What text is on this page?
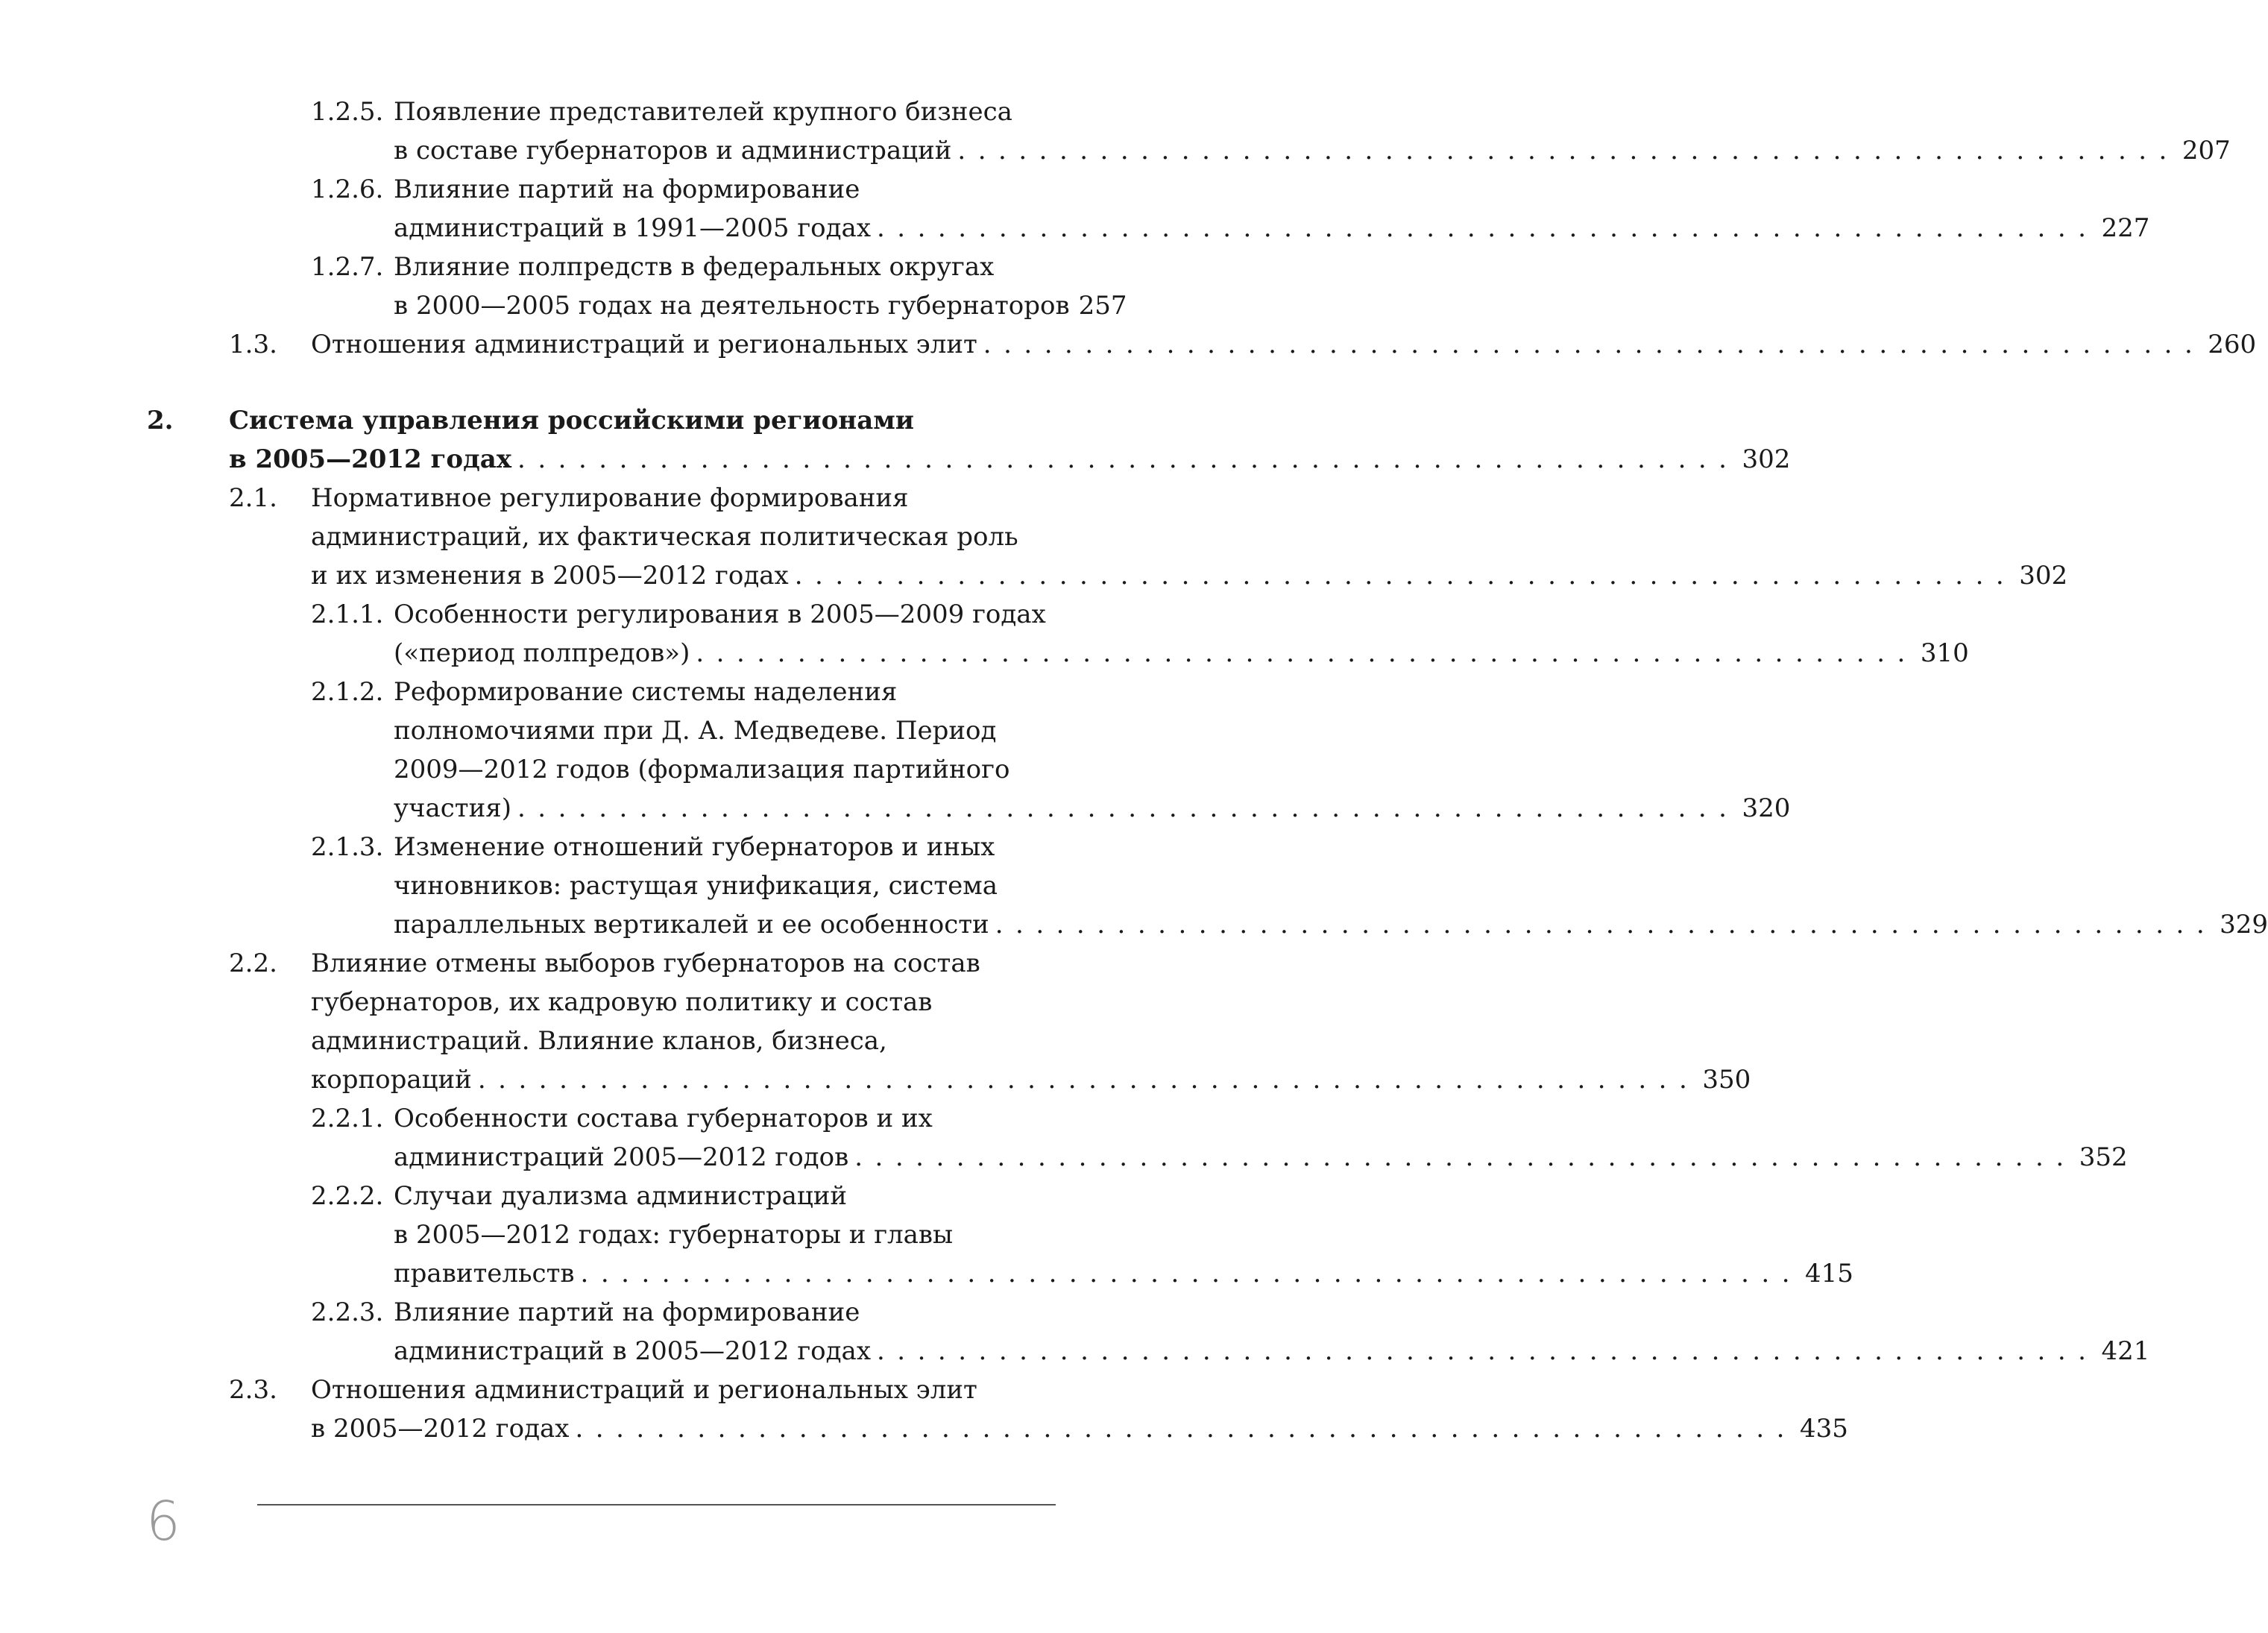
1.2.5. Появление представителей крупного бизнеса
в составе губернаторов и администраций ............................................................ 207
1.2.6. Влияние партий на формирование
администраций в 1991—2005 годах ............................................................ 227
1.2.7. Влияние полпредств в федеральных округах
в 2000—2005 годах на деятельность губернаторов 257
1.3. Отношения администраций и региональных элит ............................................................ 260
2. Система управления российскими регионами
в 2005—2012 годах ............................................................ 302
2.1. Нормативное регулирование формирования
администраций, их фактическая политическая роль
и их изменения в 2005—2012 годах ............................................................ 302
2.1.1. Особенности регулирования в 2005—2009 годах
(«период полпредов») ............................................................ 310
2.1.2. Реформирование системы наделения
полномочиями при Д. А. Медведеве. Период
2009—2012 годов (формализация партийного
участия) ............................................................ 320
2.1.3. Изменение отношений губернаторов и иных
чиновников: растущая унификация, система
параллельных вертикалей и ее особенности ............................................................ 329
2.2. Влияние отмены выборов губернаторов на состав
губернаторов, их кадровую политику и состав
администраций. Влияние кланов, бизнеса,
корпораций ............................................................ 350
2.2.1. Особенности состава губернаторов и их
администраций 2005—2012 годов ............................................................ 352
2.2.2. Случаи дуализма администраций
в 2005—2012 годах: губернаторы и главы
правительств ............................................................ 415
2.2.3. Влияние партий на формирование
администраций в 2005—2012 годах ............................................................ 421
2.3. Отношения администраций и региональных элит
в 2005—2012 годах ............................................................ 435
6
